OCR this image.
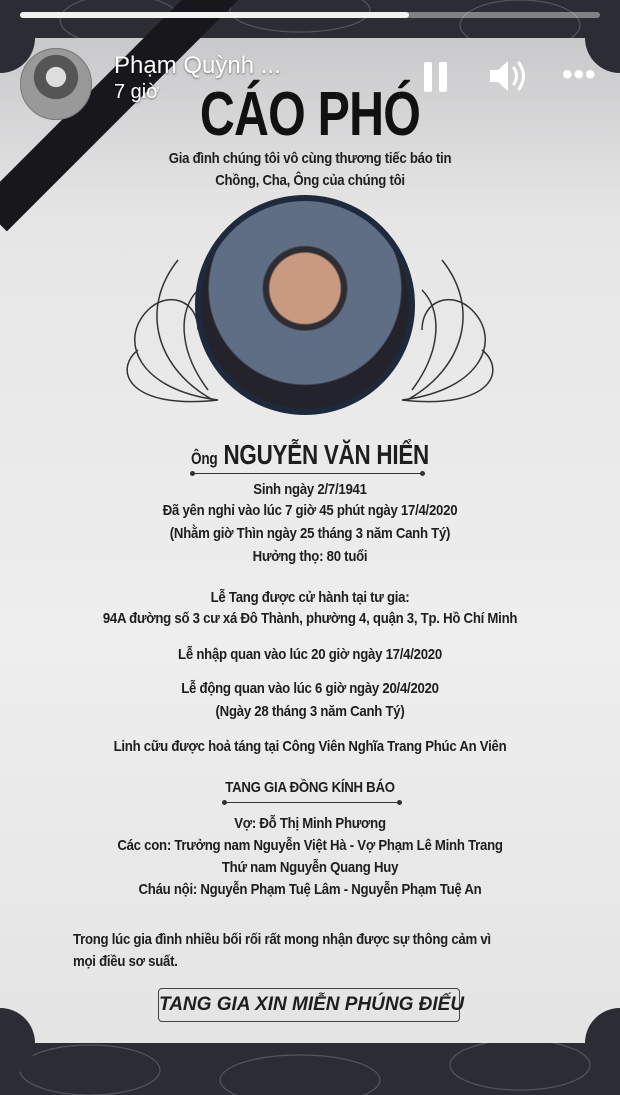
Phạm Quỳnh ...
7 giờ
•••
CÁO PHÓ
Gia đình chúng tôi vô cùng thương tiếc báo tin
Chồng, Cha, Ông của chúng tôi
Ông NGUYỄN VĂN HIỂN
Sinh ngày 2/7/1941
Đã yên nghỉ vào lúc 7 giờ 45 phút ngày 17/4/2020
(Nhằm giờ Thìn ngày 25 tháng 3 năm Canh Tý)
Hưởng thọ: 80 tuổi
Lễ Tang được cử hành tại tư gia:
94A đường số 3 cư xá Đô Thành, phường 4, quận 3, Tp. Hồ Chí Minh
Lễ nhập quan vào lúc 20 giờ ngày 17/4/2020
Lễ động quan vào lúc 6 giờ ngày 20/4/2020
(Ngày 28 tháng 3 năm Canh Tý)
Linh cữu được hoả táng tại Công Viên Nghĩa Trang Phúc An Viên
TANG GIA ĐỒNG KÍNH BÁO
Vợ: Đỗ Thị Minh Phương
Các con: Trưởng nam Nguyễn Việt Hà - Vợ Phạm Lê Minh Trang
Thứ nam Nguyễn Quang Huy
Cháu nội: Nguyễn Phạm Tuệ Lâm - Nguyễn Phạm Tuệ An
Trong lúc gia đình nhiều bối rối rất mong nhận được sự thông cảm vì
mọi điều sơ suất.
TANG GIA XIN MIỄN PHÚNG ĐIẾU
